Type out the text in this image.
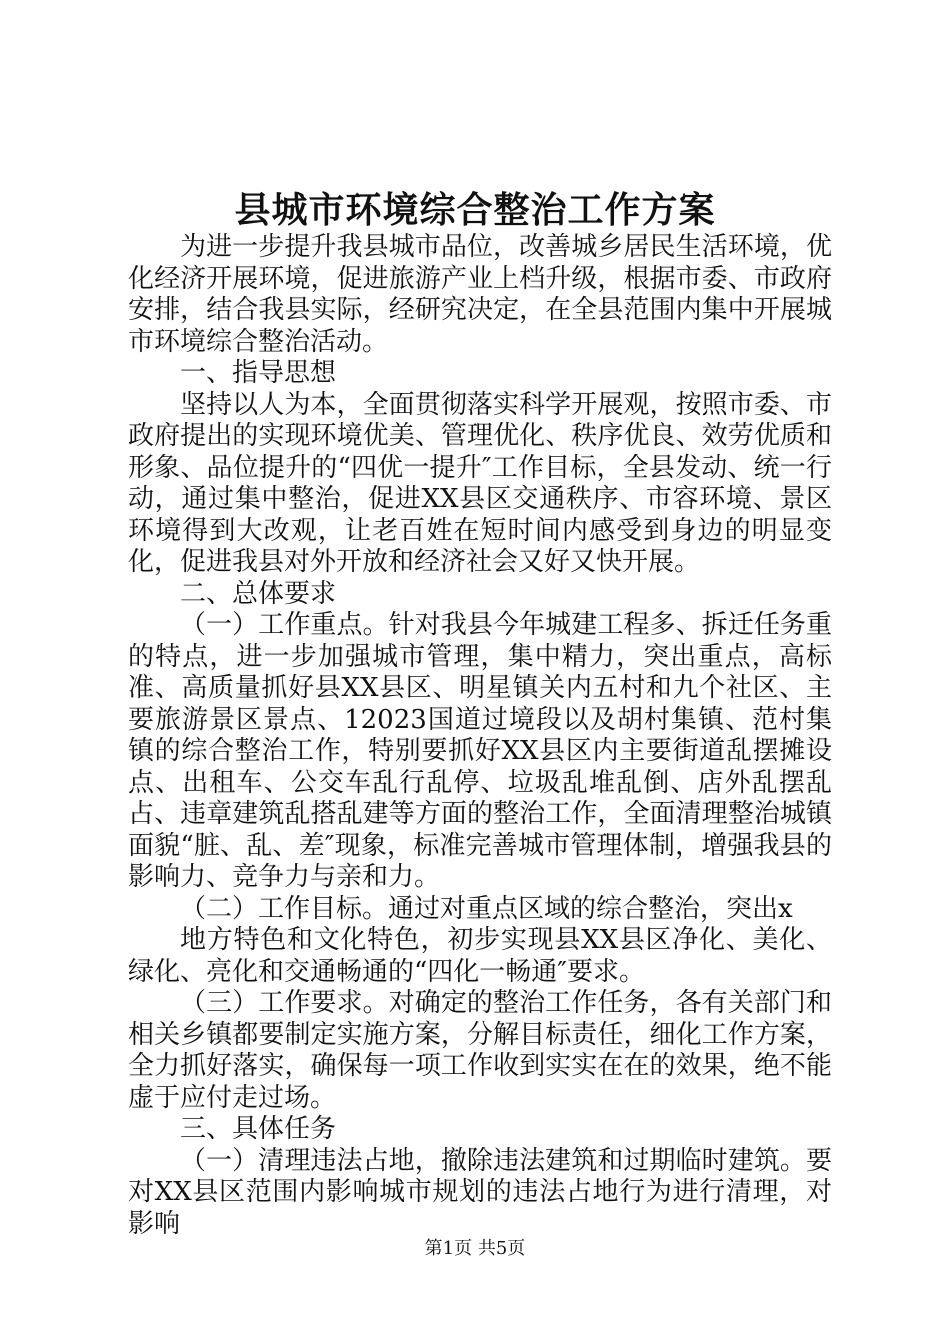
县城市环境综合整治工作方案

为进一步提升我县城市品位，改善城乡居民生活环境，优化经济开展环境，促进旅游产业上档升级，根据市委、市政府安排，结合我县实际，经研究决定，在全县范围内集中开展城市环境综合整治活动。

一、指导思想

坚持以人为本，全面贯彻落实科学开展观，按照市委、市政府提出的实现环境优美、管理优化、秩序优良、效劳优质和形象、品位提升的“四优一提升″工作目标，全县发动、统一行动，通过集中整治，促进XX县区交通秩序、市容环境、景区环境得到大改观，让老百姓在短时间内感受到身边的明显变化，促进我县对外开放和经济社会又好又快开展。

二、总体要求

（一）工作重点。针对我县今年城建工程多、拆迁任务重的特点，进一步加强城市管理，集中精力，突出重点，高标准、高质量抓好县XX县区、明星镇关内五村和九个社区、主要旅游景区景点、12023国道过境段以及胡村集镇、范村集镇的综合整治工作，特别要抓好XX县区内主要街道乱摆摊设点、出租车、公交车乱行乱停、垃圾乱堆乱倒、店外乱摆乱占、违章建筑乱搭乱建等方面的整治工作，全面清理整治城镇面貌“脏、乱、差″现象，标准完善城市管理体制，增强我县的影响力、竞争力与亲和力。

（二）工作目标。通过对重点区域的综合整治，突出x

地方特色和文化特色，初步实现县XX县区净化、美化、绿化、亮化和交通畅通的“四化一畅通″要求。

（三）工作要求。对确定的整治工作任务，各有关部门和相关乡镇都要制定实施方案，分解目标责任，细化工作方案，全力抓好落实，确保每一项工作收到实实在在的效果，绝不能虚于应付走过场。

三、具体任务

（一）清理违法占地，撤除违法建筑和过期临时建筑。要对XX县区范围内影响城市规划的违法占地行为进行清理，对影响

第1页 共5页
